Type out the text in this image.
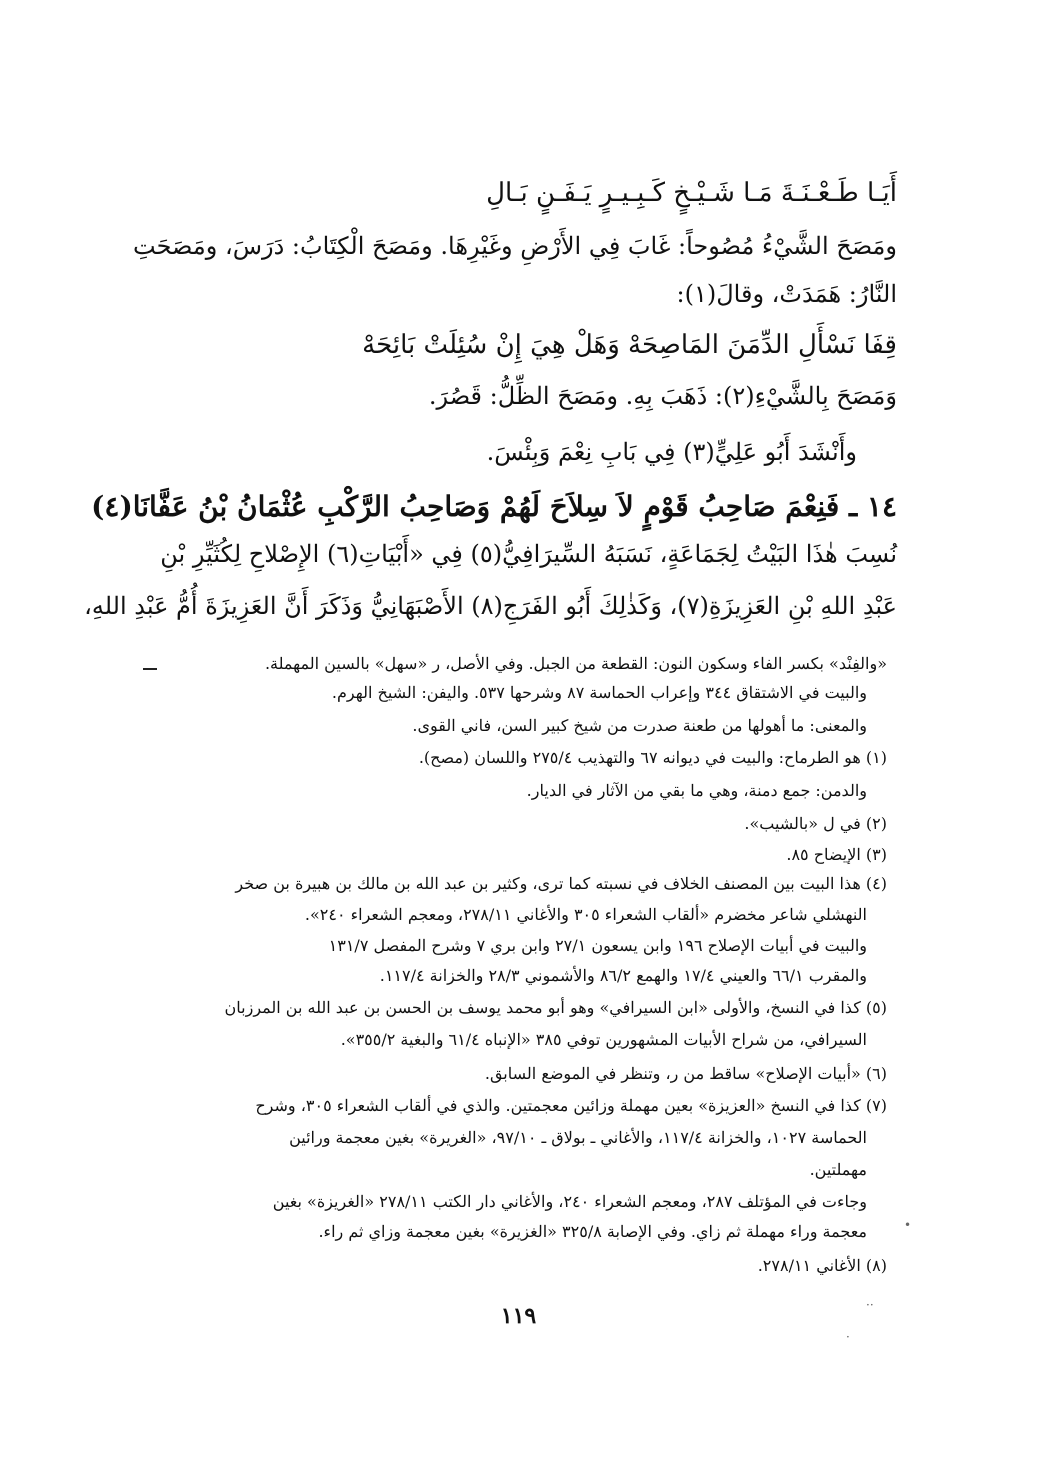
أَيَـا طَـعْـنَـةَ مَـا شَـيْـخٍ كَـبِـيـرٍ يَـفَـنٍ بَـالِ
ومَصَحَ الشَّيْءُ مُصُوحاً: غَابَ فِي الأَرْضِ وغَيْرِهَا. ومَصَحَ الْكِتَابُ: دَرَسَ، ومَصَحَتِ
النَّارُ: هَمَدَتْ، وقالَ(١):
قِفَا نَسْأَلِ الدِّمَنَ المَاصِحَهْ وَهَلْ هِيَ إِنْ سُئِلَتْ بَائِحَهْ
وَمَصَحَ بِالشَّيْءِ(٢): ذَهَبَ بِهِ. ومَصَحَ الظِّلُّ: قَصُرَ.
وأَنْشَدَ أَبُو عَلِيٍّ(٣) فِي بَابِ نِعْمَ وَبِئْسَ.
١٤ ـ فَنِعْمَ صَاحِبُ قَوْمٍ لاَ سِلاَحَ لَهُمْ وَصَاحِبُ الرَّكْبِ عُثْمَانُ بْنُ عَفَّانَا(٤)
نُسِبَ هٰذَا البَيْتُ لِجَمَاعَةٍ، نَسَبَهُ السِّيرَافِيُّ(٥) فِي «أَبْيَاتِ(٦) الإِصْلاحِ لِكُثَيِّرِ بْنِ
عَبْدِ اللهِ بْنِ العَزِيزَةِ(٧)، وَكَذٰلِكَ أَبُو الفَرَجِ(٨) الأَصْبَهَانِيُّ وَذَكَرَ أَنَّ العَزِيزَةَ أُمُّ عَبْدِ اللهِ،
«والفِنْد» بكسر الفاء وسكون النون: القطعة من الجبل. وفي الأصل، ر «سهل» بالسين المهملة.
والبيت في الاشتقاق ٣٤٤ وإعراب الحماسة ٨٧ وشرحها ٥٣٧. واليفن: الشيخ الهرم.
والمعنى: ما أهولها من طعنة صدرت من شيخ كبير السن، فاني القوى.
(١) هو الطرماح: والبيت في ديوانه ٦٧ والتهذيب ٢٧٥/٤ واللسان (مصح).
والدمن: جمع دمنة، وهي ما بقي من الآثار في الديار.
(٢) في ل «بالشيب».
(٣) الإيضاح ٨٥.
(٤) هذا البيت بين المصنف الخلاف في نسبته كما ترى، وكثير بن عبد الله بن مالك بن هبيرة بن صخر
النهشلي شاعر مخضرم «ألقاب الشعراء ٣٠٥ والأغاني ٢٧٨/١١، ومعجم الشعراء ٢٤٠».
والبيت في أبيات الإصلاح ١٩٦ وابن يسعون ٢٧/١ وابن بري ٧ وشرح المفصل ١٣١/٧
والمقرب ٦٦/١ والعيني ١٧/٤ والهمع ٨٦/٢ والأشموني ٢٨/٣ والخزانة ١١٧/٤.
(٥) كذا في النسخ، والأولى «ابن السيرافي» وهو أبو محمد يوسف بن الحسن بن عبد الله بن المرزبان
السيرافي، من شراح الأبيات المشهورين توفي ٣٨٥ «الإنباه ٦١/٤ والبغية ٣٥٥/٢».
(٦) «أبيات الإصلاح» ساقط من ر، وتنظر في الموضع السابق.
(٧) كذا في النسخ «العزيزة» بعين مهملة وزائين معجمتين. والذي في ألقاب الشعراء ٣٠٥، وشرح
الحماسة ١٠٢٧، والخزانة ١١٧/٤، والأغاني ـ بولاق ـ ٩٧/١٠، «الغريرة» بغين معجمة ورائين
مهملتين.
وجاءت في المؤتلف ٢٨٧، ومعجم الشعراء ٢٤٠، والأغاني دار الكتب ٢٧٨/١١ «الغريزة» بغين
معجمة وراء مهملة ثم زاي. وفي الإصابة ٣٢٥/٨ «الغزيرة» بغين معجمة وزاي ثم راء.
(٨) الأغاني ٢٧٨/١١.
١١٩
•
··
·
